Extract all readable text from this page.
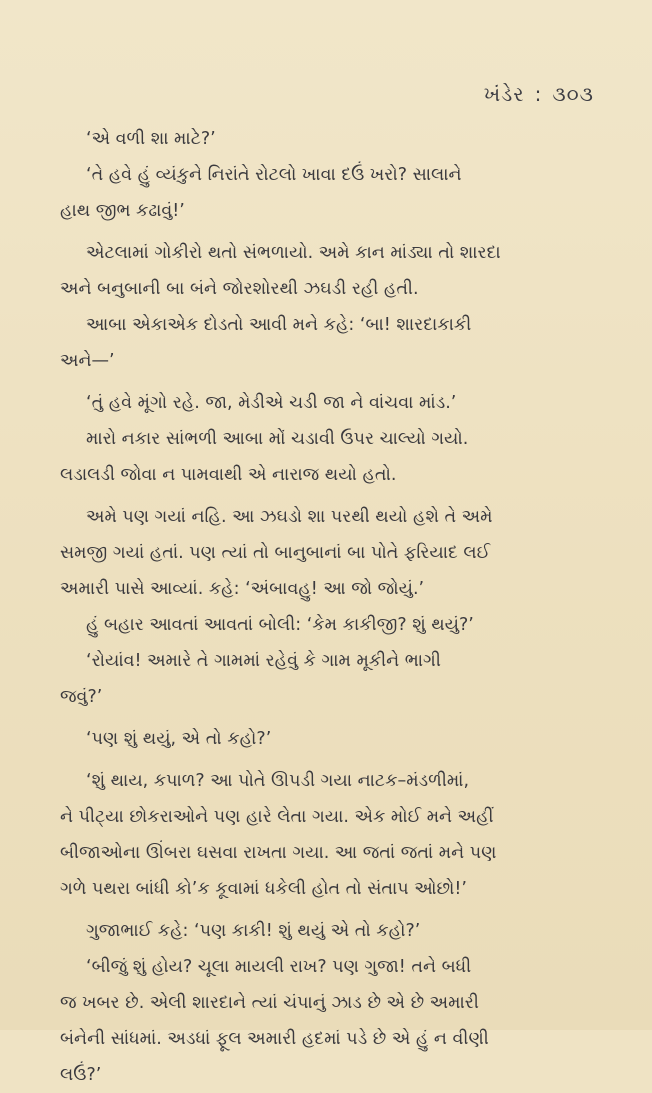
ખંડેર : ૩૦૩
‘એ વળી શા માટે?’
‘તે હવે હું વ્યંકુને નિરાંતે રોટલો ખાવા દઉં ખરો? સાલાને
હાથ જીભ કઢાવું!’
એટલામાં ગોકીરો થતો સંભળાયો. અમે કાન માંડ્યા તો શારદા
અને બનુબાની બા બંને જોરશોરથી ઝઘડી રહી હતી.
આબા એકાએક દોડતો આવી મને કહે: ‘બા! શારદાકાકી
અને—’
‘તું હવે મૂંગો રહે. જા, મેડીએ ચડી જા ને વાંચવા માંડ.’
મારો નકાર સાંભળી આબા મોં ચડાવી ઉપર ચાલ્યો ગયો.
લડાલડી જોવા ન પામવાથી એ નારાજ થયો હતો.
અમે પણ ગયાં નહિ. આ ઝઘડો શા પરથી થયો હશે તે અમે
સમજી ગયાં હતાં. પણ ત્યાં તો બાનુબાનાં બા પોતે ફરિયાદ લઈ
અમારી પાસે આવ્યાં. કહે: ‘અંબાવહુ! આ જો જોયું.’
હું બહાર આવતાં આવતાં બોલી: ‘કેમ કાકીજી? શું થયું?’
‘રોયાંવ! અમારે તે ગામમાં રહેવું કે ગામ મૂકીને ભાગી
જવું?’
‘પણ શું થયું, એ તો કહો?’
‘શું થાય, કપાળ? આ પોતે ઊપડી ગયા નાટક–મંડળીમાં,
ને પીટ્યા છોકરાઓને પણ હારે લેતા ગયા. એક મોઈ મને અહીં
બીજાઓના ઊંબરા ઘસવા રાખતા ગયા. આ જતાં જતાં મને પણ
ગળે પથરા બાંધી કો’ક કૂવામાં ધકેલી હોત તો સંતાપ ઓછો!’
ગુજાભાઈ કહે: ‘પણ કાકી! શું થયું એ તો કહો?’
‘બીજું શું હોય? ચૂલા માયલી રાખ? પણ ગુજા! તને બધી
જ ખબર છે. એલી શારદાને ત્યાં ચંપાનું ઝાડ છે એ છે અમારી
બંનેની સાંધમાં. અડધાં ફૂલ અમારી હદમાં પડે છે એ હું ન વીણી
લઉં?’
